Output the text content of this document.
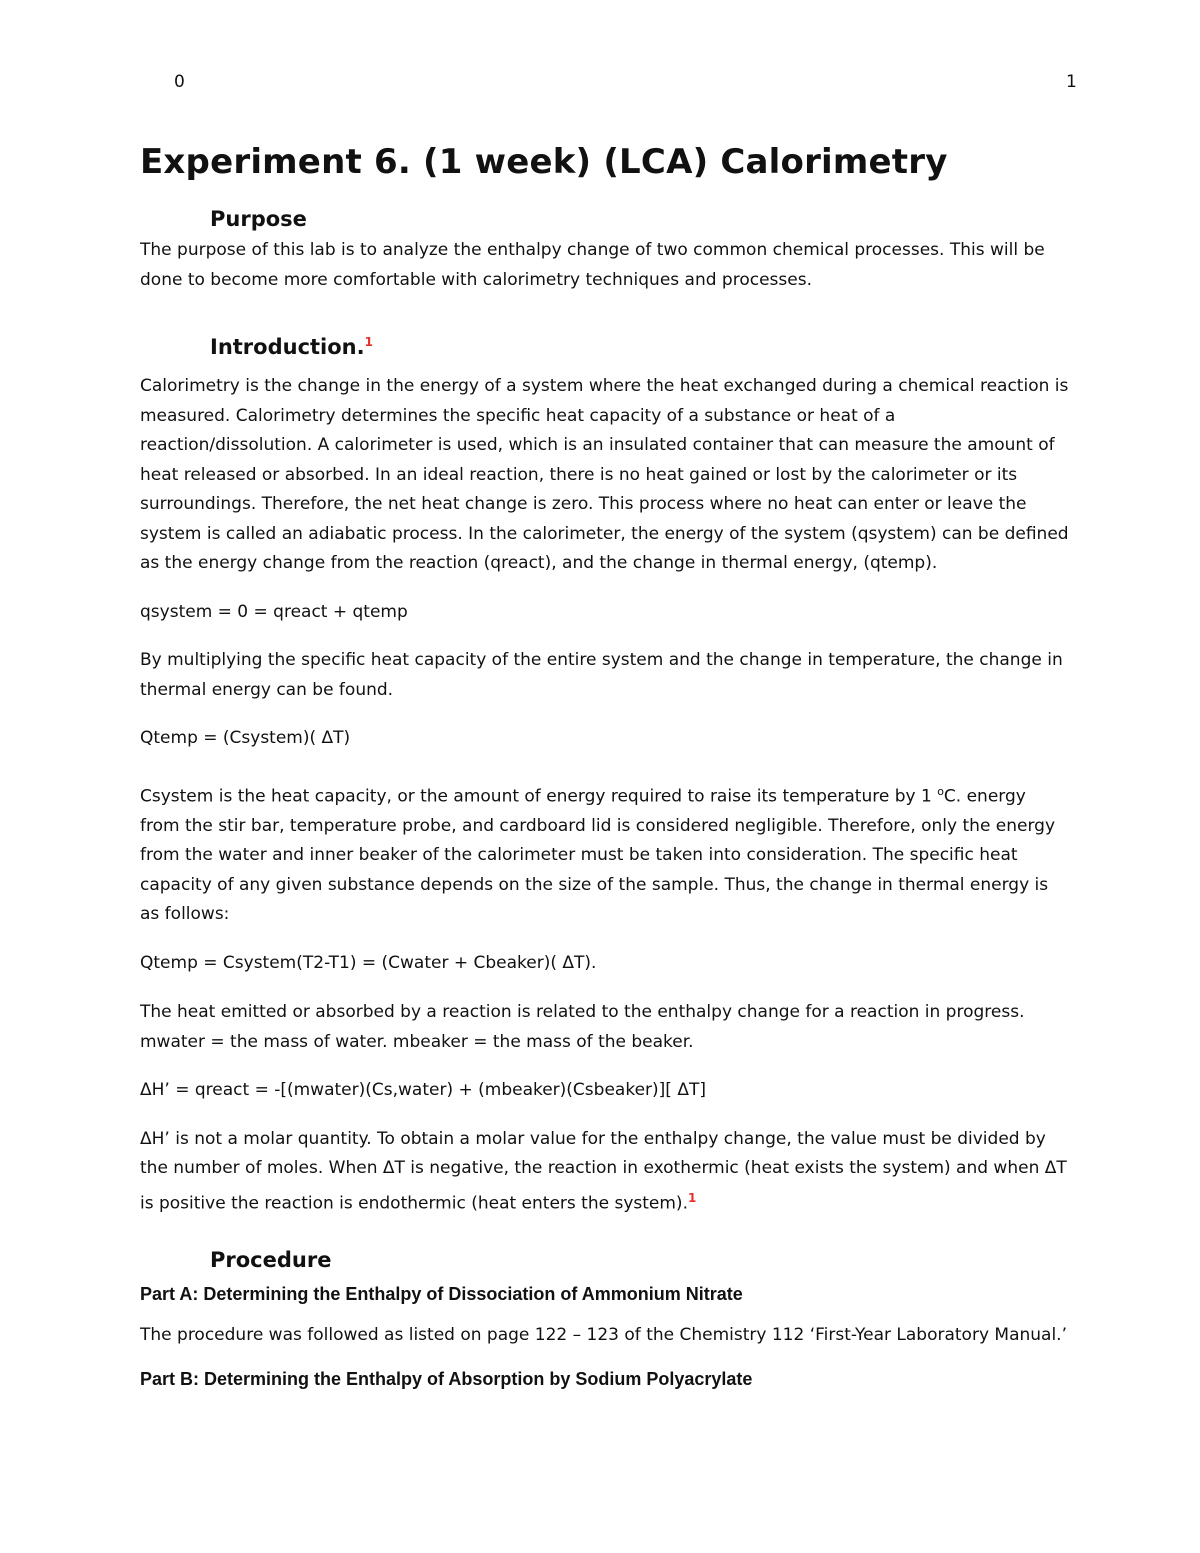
0	1
Experiment 6. (1 week) (LCA) Calorimetry
Purpose

The purpose of this lab is to analyze the enthalpy change of two common chemical processes. This will be done to become more comfortable with calorimetry techniques and processes.

Introduction.$^1$

Calorimetry is the change in the energy of a system where the heat exchanged during a chemical reaction is measured. Calorimetry determines the specific heat capacity of a substance or heat of a reaction/dissolution. A calorimeter is used, which is an insulated container that can measure the amount of heat released or absorbed. In an ideal reaction, there is no heat gained or lost by the calorimeter or its surroundings. Therefore, the net heat change is zero. This process where no heat can enter or leave the system is called an adiabatic process. In the calorimeter, the energy of the system (qsystem) can be defined as the energy change from the reaction (qreact), and the change in thermal energy, (qtemp).

qsystem = 0 = qreact + qtemp

By multiplying the specific heat capacity of the entire system and the change in temperature, the change in thermal energy can be found.

Qtemp = (Csystem)( ΔT)

Csystem is the heat capacity, or the amount of energy required to raise its temperature by 1 $^o$C. energy from the stir bar, temperature probe, and cardboard lid is considered negligible. Therefore, only the energy from the water and inner beaker of the calorimeter must be taken into consideration. The specific heat capacity of any given substance depends on the size of the sample. Thus, the change in thermal energy is as follows:

Qtemp = Csystem(T2-T1) = (Cwater + Cbeaker)( ΔT).

The heat emitted or absorbed by a reaction is related to the enthalpy change for a reaction in progress. mwater = the mass of water. mbeaker = the mass of the beaker.

ΔH’ = qreact = -[(mwater)(Cs,water) + (mbeaker)(Csbeaker)][ ΔT]

ΔH’ is not a molar quantity. To obtain a molar value for the enthalpy change, the value must be divided by the number of moles. When ΔT is negative, the reaction in exothermic (heat exists the system) and when ΔT is positive the reaction is endothermic (heat enters the system).$^1$

Procedure

Part A: Determining the Enthalpy of Dissociation of Ammonium Nitrate

The procedure was followed as listed on page 122 – 123 of the Chemistry 112 ‘First-Year Laboratory Manual.’

Part B: Determining the Enthalpy of Absorption by Sodium Polyacrylate
